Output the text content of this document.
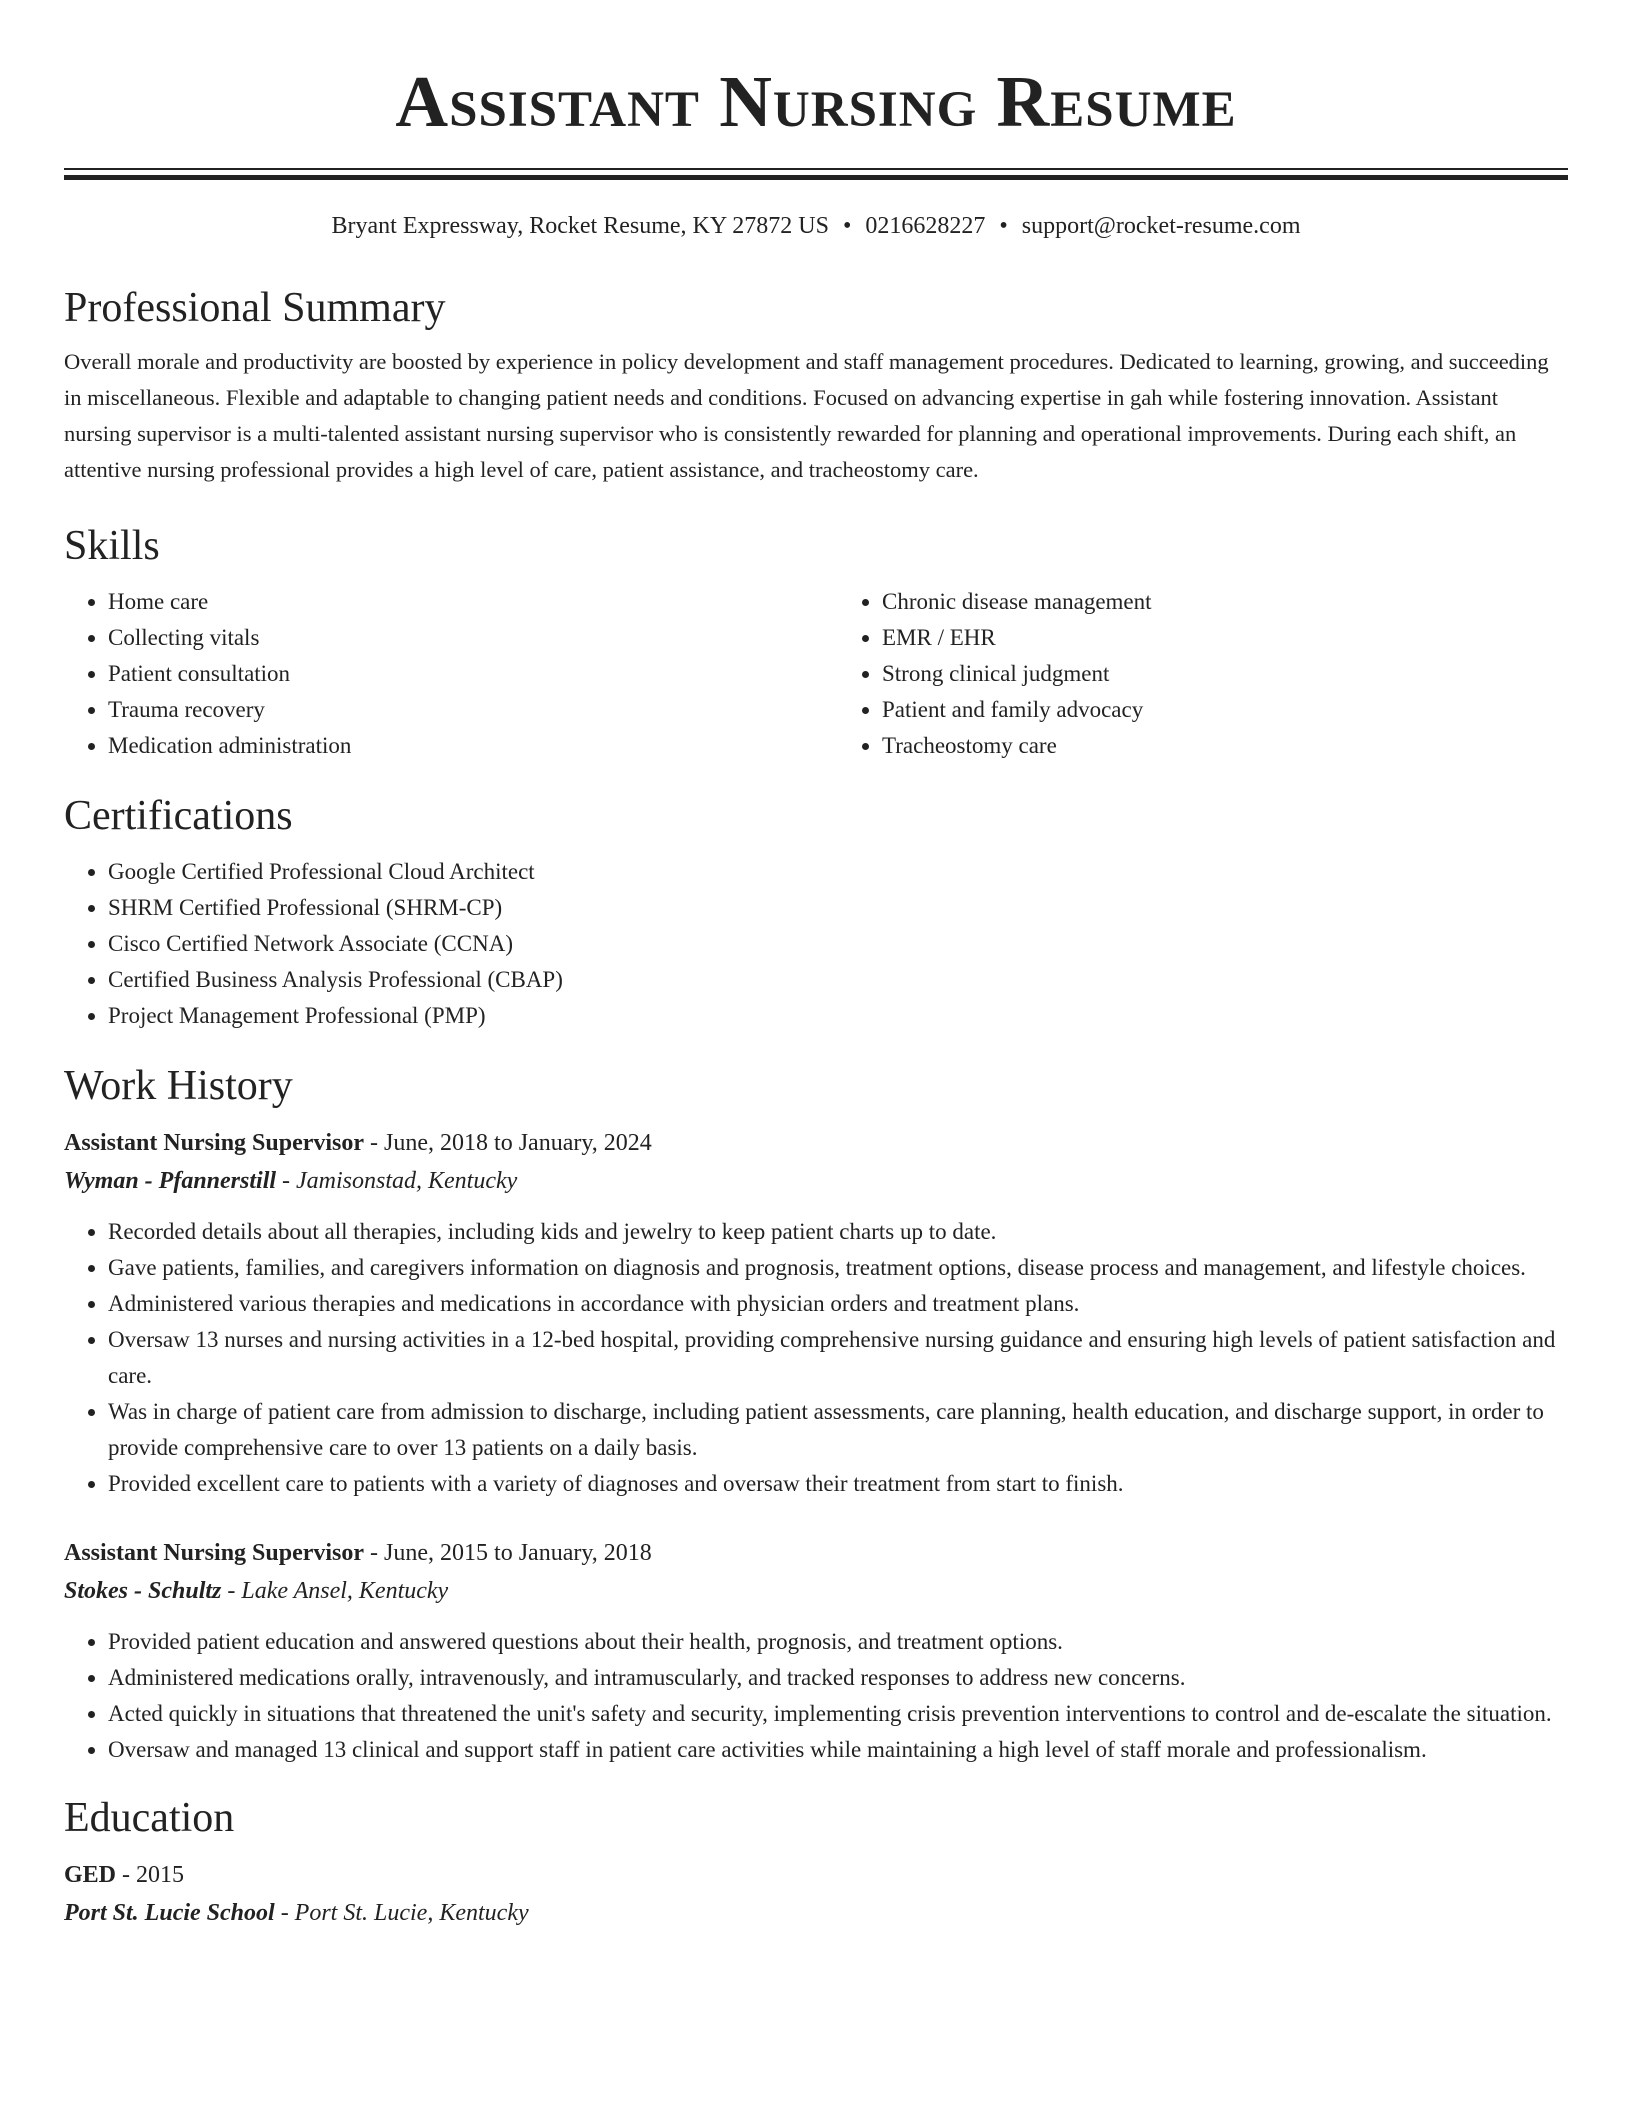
Assistant Nursing Resume
Bryant Expressway, Rocket Resume, KY 27872 US • 0216628227 • support@rocket-resume.com
Professional Summary

Overall morale and productivity are boosted by experience in policy development and staff management procedures. Dedicated to learning, growing, and succeeding in miscellaneous. Flexible and adaptable to changing patient needs and conditions. Focused on advancing expertise in gah while fostering innovation. Assistant nursing supervisor is a multi-talented assistant nursing supervisor who is consistently rewarded for planning and operational improvements. During each shift, an attentive nursing professional provides a high level of care, patient assistance, and tracheostomy care.

Skills
• Home care
• Collecting vitals
• Patient consultation
• Trauma recovery
• Medication administration
• Chronic disease management
• EMR / EHR
• Strong clinical judgment
• Patient and family advocacy
• Tracheostomy care
Certifications
• Google Certified Professional Cloud Architect
• SHRM Certified Professional (SHRM-CP)
• Cisco Certified Network Associate (CCNA)
• Certified Business Analysis Professional (CBAP)
• Project Management Professional (PMP)
Work History
Assistant Nursing Supervisor - June, 2018 to January, 2024
Wyman - Pfannerstill - Jamisonstad, Kentucky
• Recorded details about all therapies, including kids and jewelry to keep patient charts up to date.
• Gave patients, families, and caregivers information on diagnosis and prognosis, treatment options, disease process and management, and lifestyle choices.
• Administered various therapies and medications in accordance with physician orders and treatment plans.
• Oversaw 13 nurses and nursing activities in a 12-bed hospital, providing comprehensive nursing guidance and ensuring high levels of patient satisfaction and care.
• Was in charge of patient care from admission to discharge, including patient assessments, care planning, health education, and discharge support, in order to provide comprehensive care to over 13 patients on a daily basis.
• Provided excellent care to patients with a variety of diagnoses and oversaw their treatment from start to finish.
Assistant Nursing Supervisor - June, 2015 to January, 2018
Stokes - Schultz - Lake Ansel, Kentucky
• Provided patient education and answered questions about their health, prognosis, and treatment options.
• Administered medications orally, intravenously, and intramuscularly, and tracked responses to address new concerns.
• Acted quickly in situations that threatened the unit's safety and security, implementing crisis prevention interventions to control and de-escalate the situation.
• Oversaw and managed 13 clinical and support staff in patient care activities while maintaining a high level of staff morale and professionalism.
Education
GED - 2015
Port St. Lucie School - Port St. Lucie, Kentucky
